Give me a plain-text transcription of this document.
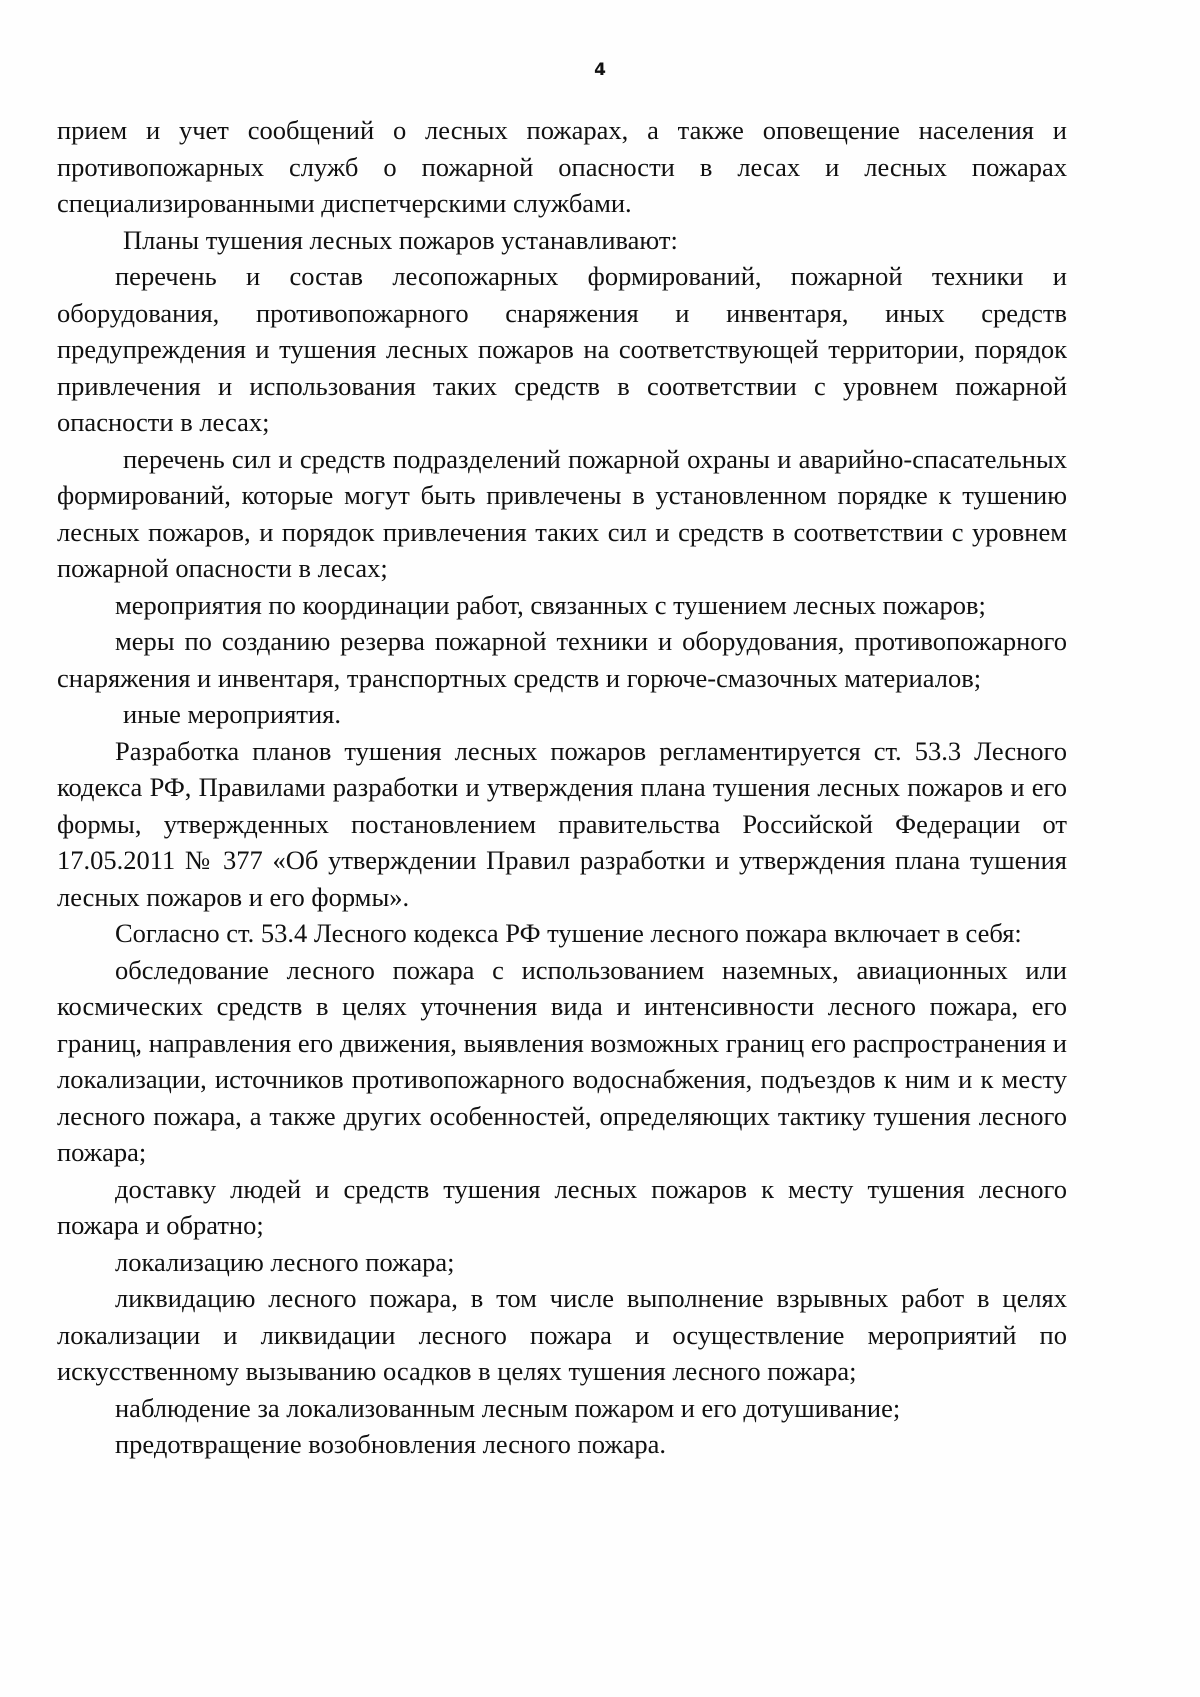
4

прием и учет сообщений о лесных пожарах, а также оповещение населения и противопожарных служб о пожарной опасности в лесах и лесных пожарах специализированными диспетчерскими службами.

Планы тушения лесных пожаров устанавливают:

перечень и состав лесопожарных формирований, пожарной техники и оборудования, противопожарного снаряжения и инвентаря, иных средств предупреждения и тушения лесных пожаров на соответствующей территории, порядок привлечения и использования таких средств в соответствии с уровнем пожарной опасности в лесах;

перечень сил и средств подразделений пожарной охраны и аварийно-спасательных формирований, которые могут быть привлечены в установленном порядке к тушению лесных пожаров, и порядок привлечения таких сил и средств в соответствии с уровнем пожарной опасности в лесах;

мероприятия по координации работ, связанных с тушением лесных пожаров;

меры по созданию резерва пожарной техники и оборудования, противопожарного снаряжения и инвентаря, транспортных средств и горюче-смазочных материалов;

иные мероприятия.

Разработка планов тушения лесных пожаров регламентируется ст. 53.3 Лесного кодекса РФ, Правилами разработки и утверждения плана тушения лесных пожаров и его формы, утвержденных постановлением правительства Российской Федерации от 17.05.2011 № 377 «Об утверждении Правил разработки и утверждения плана тушения лесных пожаров и его формы».

Согласно ст. 53.4 Лесного кодекса РФ тушение лесного пожара включает в себя:

обследование лесного пожара с использованием наземных, авиационных или космических средств в целях уточнения вида и интенсивности лесного пожара, его границ, направления его движения, выявления возможных границ его распространения и локализации, источников противопожарного водоснабжения, подъездов к ним и к месту лесного пожара, а также других особенностей, определяющих тактику тушения лесного пожара;

доставку людей и средств тушения лесных пожаров к месту тушения лесного пожара и обратно;

локализацию лесного пожара;

ликвидацию лесного пожара, в том числе выполнение взрывных работ в целях локализации и ликвидации лесного пожара и осуществление мероприятий по искусственному вызыванию осадков в целях тушения лесного пожара;

наблюдение за локализованным лесным пожаром и его дотушивание;

предотвращение возобновления лесного пожара.
